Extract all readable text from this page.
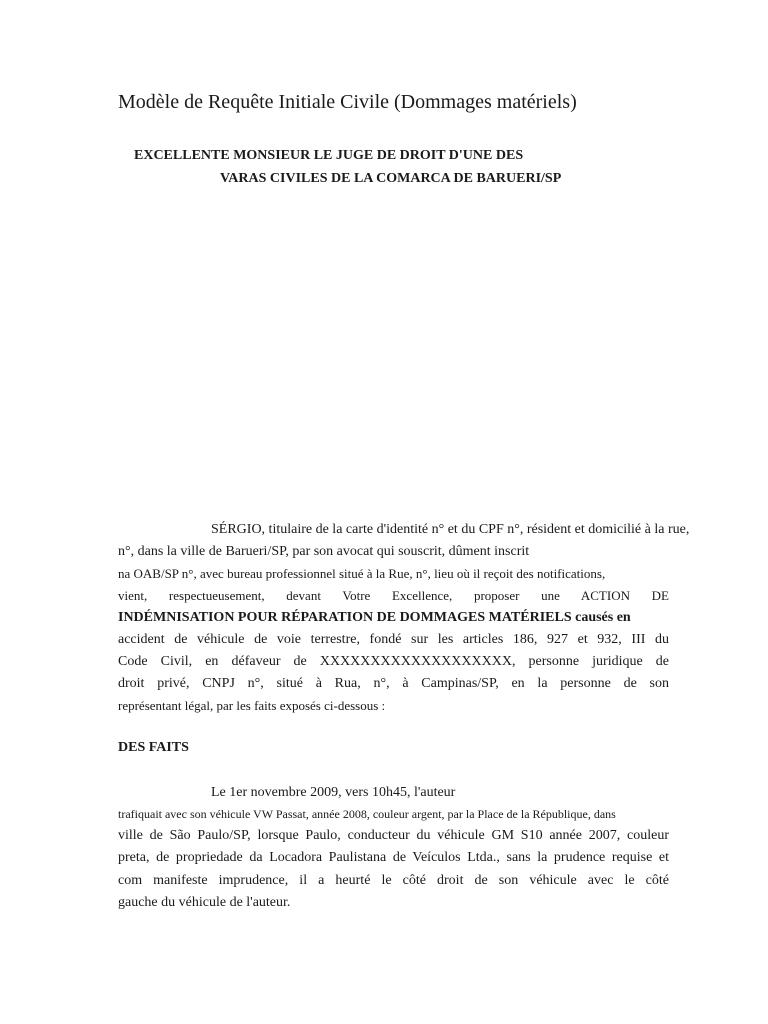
Modèle de Requête Initiale Civile (Dommages matériels)
EXCELLENTE MONSIEUR LE JUGE DE DROIT D'UNE DES
VARAS CIVILES DE LA COMARCA DE BARUERI/SP

SÉRGIO, titulaire de la carte d'identité n° et du CPF n°, résident et domicilié à la rue,

n°, dans la ville de Barueri/SP, par son avocat qui souscrit, dûment inscrit

na OAB/SP n°, avec bureau professionnel situé à la Rue, n°, lieu où il reçoit des notifications,

vient, respectueusement, devant Votre Excellence, proposer une ACTION DE

INDÉMNISATION POUR RÉPARATION DE DOMMAGES MATÉRIELS causés en

accident de véhicule de voie terrestre, fondé sur les articles 186, 927 et 932, III du

Code Civil, en défaveur de XXXXXXXXXXXXXXXXXXX, personne juridique de

droit privé, CNPJ n°, situé à Rua, n°, à Campinas/SP, en la personne de son

représentant légal, par les faits exposés ci-dessous :

DES FAITS

Le 1er novembre 2009, vers 10h45, l'auteur

trafiquait avec son véhicule VW Passat, année 2008, couleur argent, par la Place de la République, dans

ville de São Paulo/SP, lorsque Paulo, conducteur du véhicule GM S10 année 2007, couleur

preta, de propriedade da Locadora Paulistana de Veículos Ltda., sans la prudence requise et

com manifeste imprudence, il a heurté le côté droit de son véhicule avec le côté

gauche du véhicule de l'auteur.
